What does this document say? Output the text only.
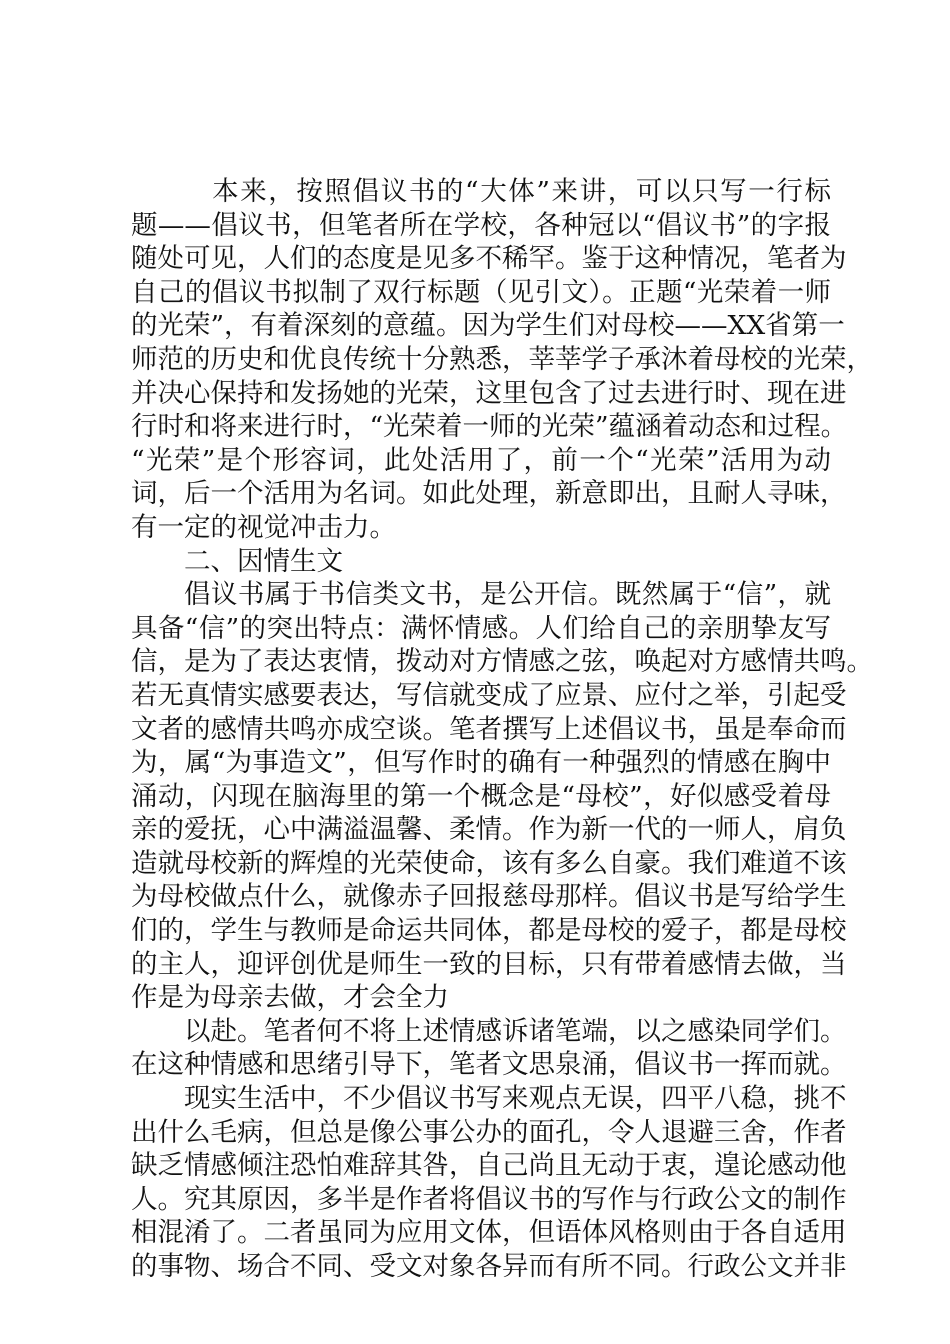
　本来，按照倡议书的“大体”来讲，可以只写一行标
题——倡议书，但笔者所在学校，各种冠以“倡议书”的字报
随处可见，人们的态度是见多不稀罕。鉴于这种情况，笔者为
自己的倡议书拟制了双行标题（见引文）。正题“光荣着一师
的光荣”，有着深刻的意蕴。因为学生们对母校——XX省第一
师范的历史和优良传统十分熟悉，莘莘学子承沐着母校的光荣，
并决心保持和发扬她的光荣，这里包含了过去进行时、现在进
行时和将来进行时，“光荣着一师的光荣”蕴涵着动态和过程。
“光荣”是个形容词，此处活用了，前一个“光荣”活用为动
词，后一个活用为名词。如此处理，新意即出，且耐人寻味，
有一定的视觉冲击力。
二、因情生文
倡议书属于书信类文书，是公开信。既然属于“信”，就
具备“信”的突出特点：满怀情感。人们给自己的亲朋挚友写
信，是为了表达衷情，拨动对方情感之弦，唤起对方感情共鸣。
若无真情实感要表达，写信就变成了应景、应付之举，引起受
文者的感情共鸣亦成空谈。笔者撰写上述倡议书，虽是奉命而
为，属“为事造文”，但写作时的确有一种强烈的情感在胸中
涌动，闪现在脑海里的第一个概念是“母校”，好似感受着母
亲的爱抚，心中满溢温馨、柔情。作为新一代的一师人，肩负
造就母校新的辉煌的光荣使命，该有多么自豪。我们难道不该
为母校做点什么，就像赤子回报慈母那样。倡议书是写给学生
们的，学生与教师是命运共同体，都是母校的爱子，都是母校
的主人，迎评创优是师生一致的目标，只有带着感情去做，当
作是为母亲去做，才会全力
以赴。笔者何不将上述情感诉诸笔端，以之感染同学们。
在这种情感和思绪引导下，笔者文思泉涌，倡议书一挥而就。
现实生活中，不少倡议书写来观点无误，四平八稳，挑不
出什么毛病，但总是像公事公办的面孔，令人退避三舍，作者
缺乏情感倾注恐怕难辞其咎，自己尚且无动于衷，遑论感动他
人。究其原因，多半是作者将倡议书的写作与行政公文的制作
相混淆了。二者虽同为应用文体，但语体风格则由于各自适用
的事物、场合不同、受文对象各异而有所不同。行政公文并非
